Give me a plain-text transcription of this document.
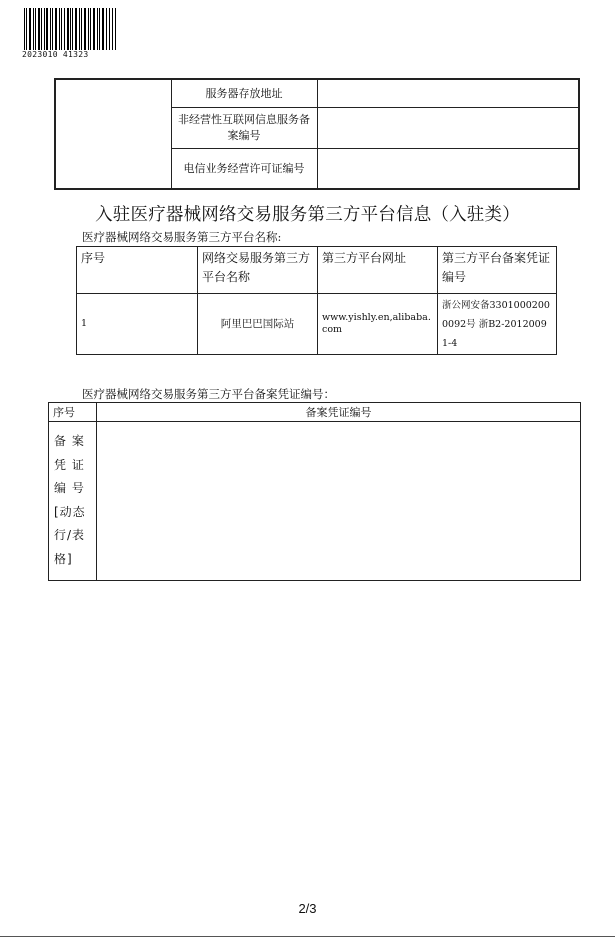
2023010 41323
	服务器存放地址	
	非经营性互联网信息服务备案编号	
	电信业务经营许可证编号	
入驻医疗器械网络交易服务第三方平台信息（入驻类）
医疗器械网络交易服务第三方平台名称:
序号	网络交易服务第三方平台名称	第三方平台网址	第三方平台备案凭证编号
1	阿里巴巴国际站	www.yishly.en,alibaba.com	浙公网安备33010002000092号 浙B2-20120091-4
医疗器械网络交易服务第三方平台备案凭证编号：
序号	备案凭证编号
备 案 凭 证 编 号 [动态行/表格]	
2/3
